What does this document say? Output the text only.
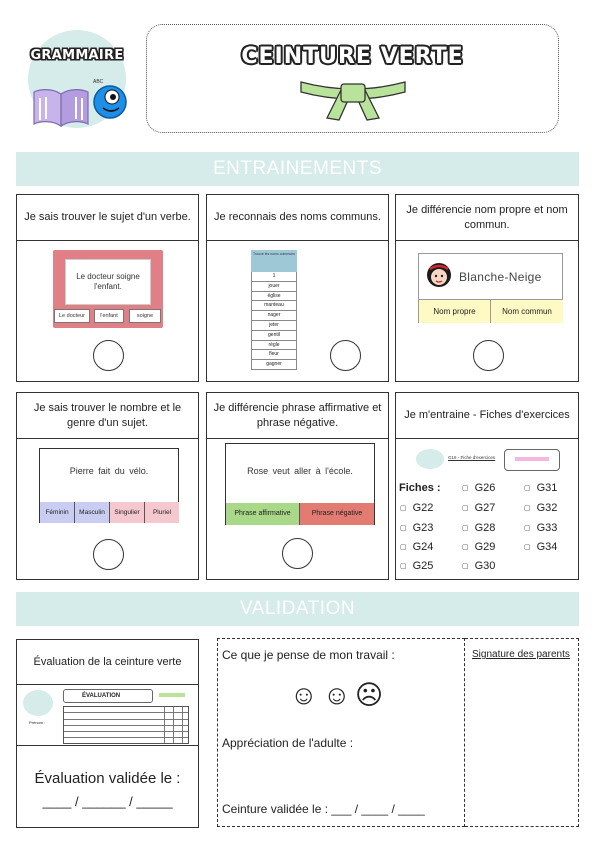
GRAMMAIRE
ABC
CEINTURE VERTE
ENTRAINEMENTS
Je sais trouver le sujet d'un verbe.
Le docteur soigne l'enfant.
Le docteur	l'enfant	soigne
Je reconnais des noms communs.
Trouve les noms communs
1
jouer
église
manteau
nager
jeter
gentil
règle
fleur
gagner
Je différencie nom propre et nom commun.
Blanche-Neige
Nom propre	Nom commun
Je sais trouver le nombre et le genre d'un sujet.
Pierre fait du vélo.
Féminin	Masculin	Singulier	Pluriel
Je différencie phrase affirmative et phrase négative.
Rose veut aller à l'école.
Phrase affirmative	Phrase négative
Je m'entraine - Fiches d'exercices
G16 - Fiche d'exercices
Fiches :
▢ G22
▢ G23
▢ G24
▢ G25
▢ G26
▢ G27
▢ G28
▢ G29
▢ G30
▢ G31
▢ G32
▢ G33
▢ G34
VALIDATION
Évaluation de la ceinture verte
ÉVALUATION
Prénom :
Évaluation validée le :
____ / ______ / _____
Ce que je pense de mon travail :
☺ ☺ ☹
Appréciation de l'adulte :
Ceinture validée le : ___ / ____ / ____
Signature des parents
